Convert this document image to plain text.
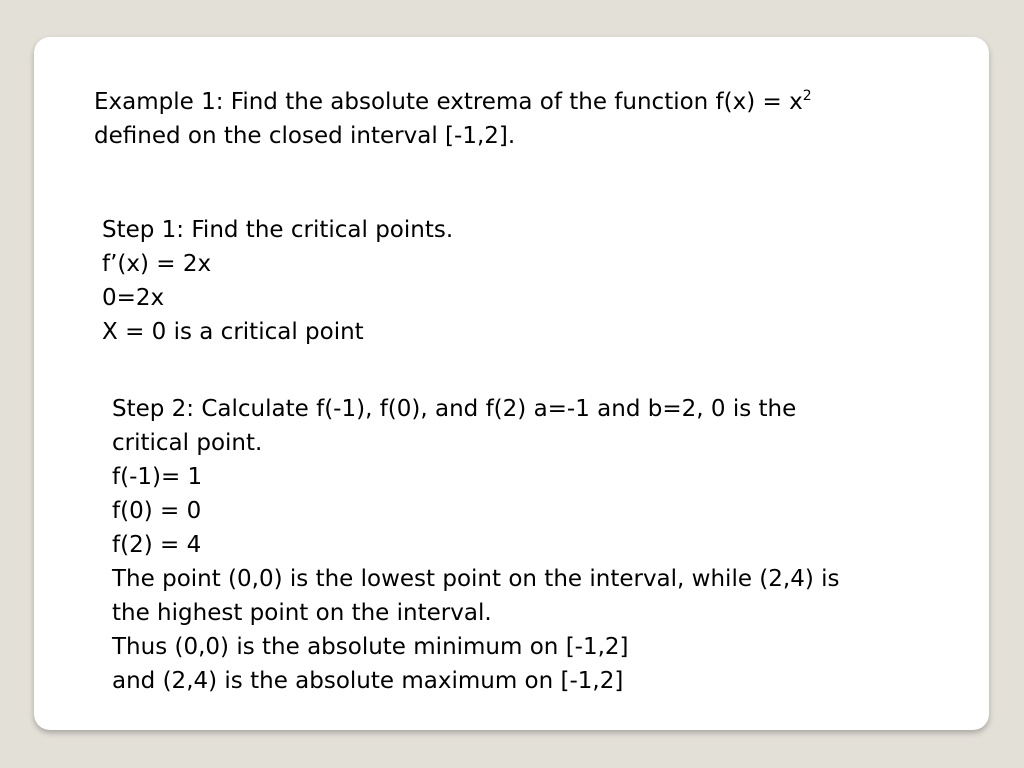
Example 1: Find the absolute extrema of the function $f(x) = x^2$
defined on the closed interval [-1,2].
Step 1: Find the critical points.
f’(x) = 2x
0=2x
X = 0 is a critical point
Step 2: Calculate f(-1), f(0), and f(2) a=-1 and b=2, 0 is the
critical point.
f(-1)= 1
f(0) = 0
f(2) = 4
The point (0,0) is the lowest point on the interval, while (2,4) is
the highest point on the interval.
Thus (0,0) is the absolute minimum on [-1,2]
and (2,4) is the absolute maximum on [-1,2]
